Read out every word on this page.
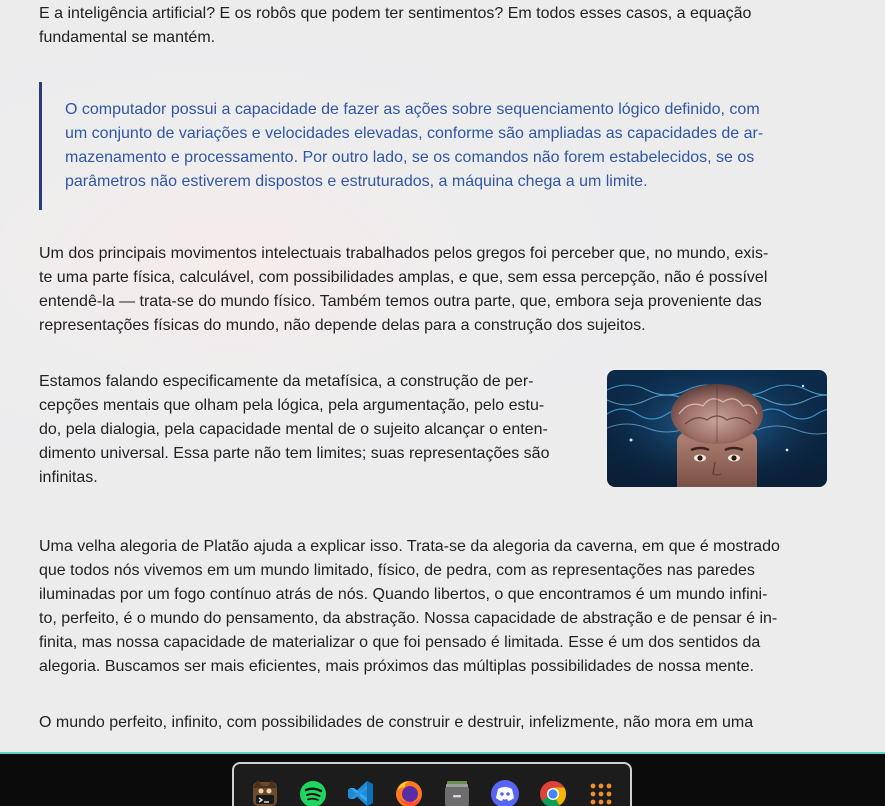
E a inteligência artificial? E os robôs que podem ter sentimentos? Em todos esses casos, a equação
fundamental se mantém.

O computador possui a capacidade de fazer as ações sobre sequenciamento lógico definido, com
um conjunto de variações e velocidades elevadas, conforme são ampliadas as capacidades de ar-
mazenamento e processamento. Por outro lado, se os comandos não forem estabelecidos, se os
parâmetros não estiverem dispostos e estruturados, a máquina chega a um limite.

Um dos principais movimentos intelectuais trabalhados pelos gregos foi perceber que, no mundo, exis-
te uma parte física, calculável, com possibilidades amplas, e que, sem essa percepção, não é possível
entendê-la — trata-se do mundo físico. Também temos outra parte, que, embora seja proveniente das
representações físicas do mundo, não depende delas para a construção dos sujeitos.

Estamos falando especificamente da metafísica, a construção de per-
cepções mentais que olham pela lógica, pela argumentação, pelo estu-
do, pela dialogia, pela capacidade mental de o sujeito alcançar o enten-
dimento universal. Essa parte não tem limites; suas representações são
infinitas.

Uma velha alegoria de Platão ajuda a explicar isso. Trata-se da alegoria da caverna, em que é mostrado
que todos nós vivemos em um mundo limitado, físico, de pedra, com as representações nas paredes
iluminadas por um fogo contínuo atrás de nós. Quando libertos, o que encontramos é um mundo infini-
to, perfeito, é o mundo do pensamento, da abstração. Nossa capacidade de abstração e de pensar é in-
finita, mas nossa capacidade de materializar o que foi pensado é limitada. Esse é um dos sentidos da
alegoria. Buscamos ser mais eficientes, mais próximos das múltiplas possibilidades de nossa mente.

O mundo perfeito, infinito, com possibilidades de construir e destruir, infelizmente, não mora em uma
